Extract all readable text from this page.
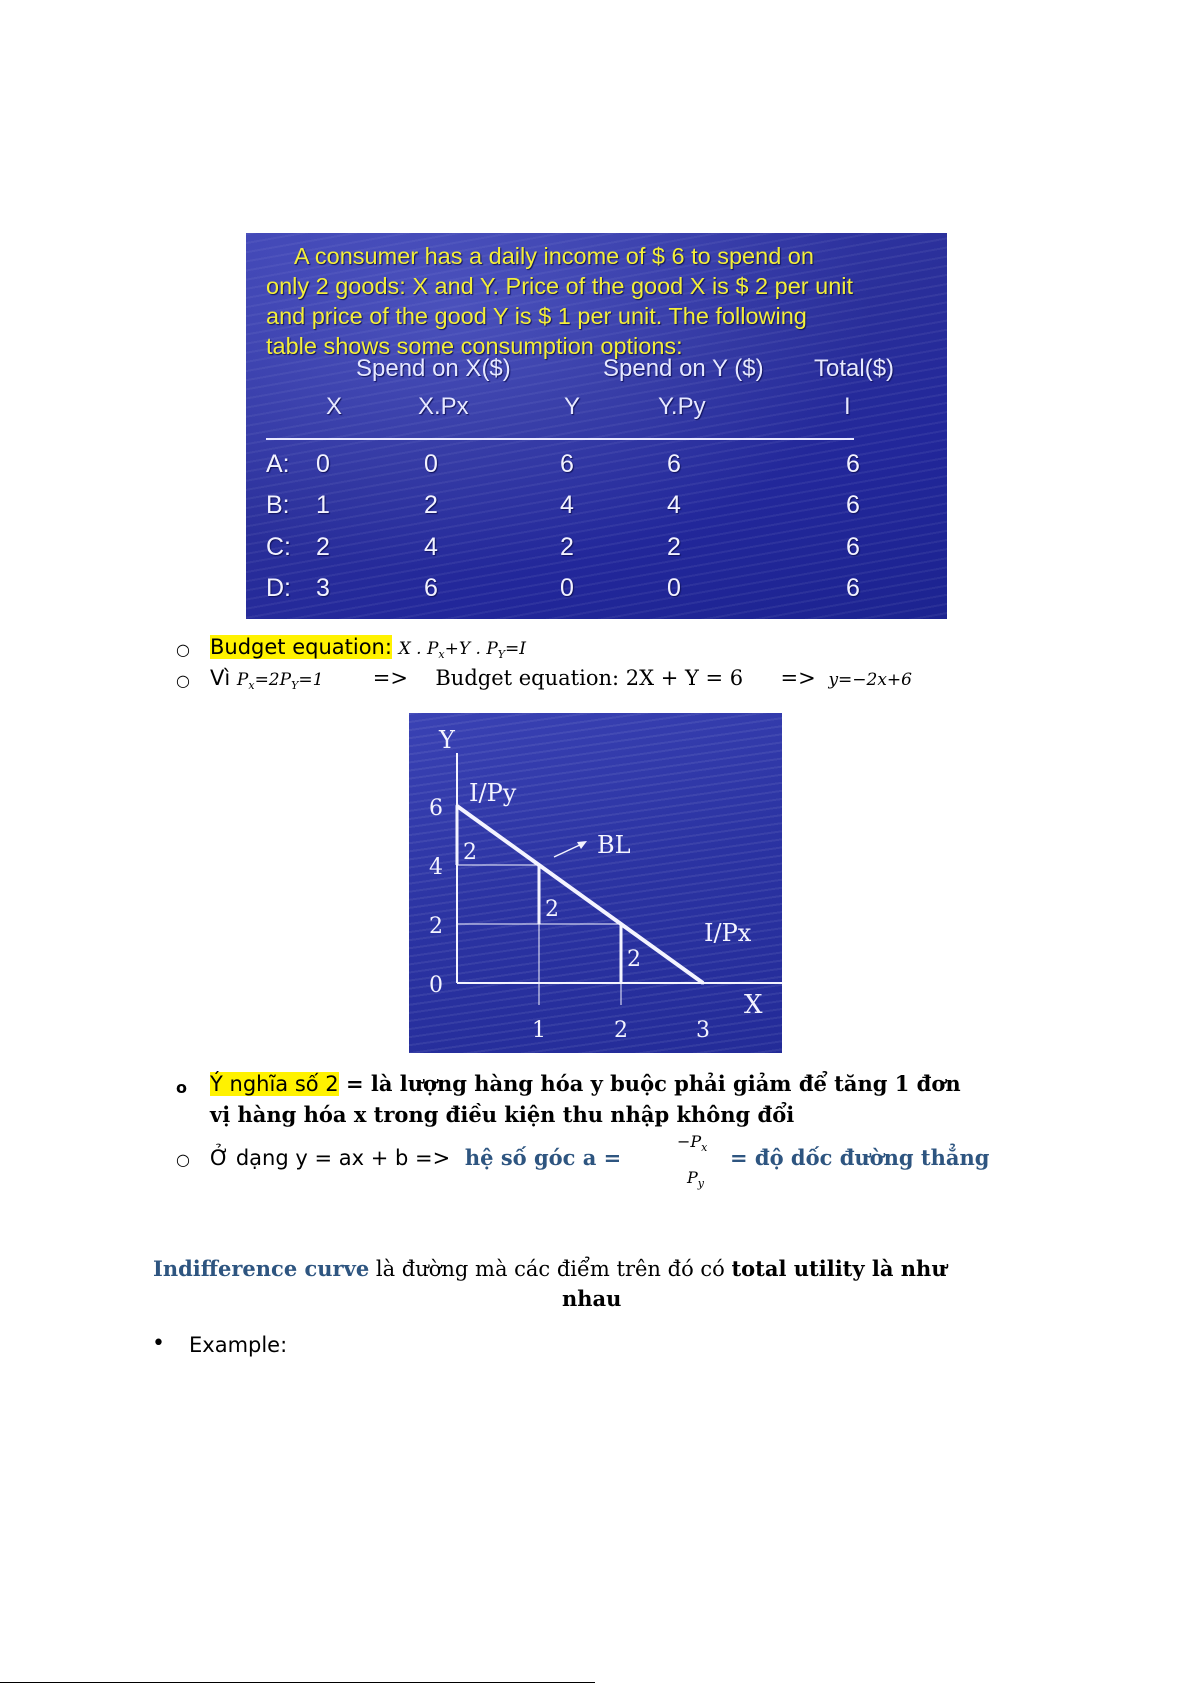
A consumer has a daily income of $ 6 to spend on
only 2 goods: X and Y. Price of the good X is $ 2 per unit
and price of the good Y is $ 1 per unit. The following
table shows some consumption options:

Spend on X($)	Spend on Y ($) Total($)
X	X.Px	Y	Y.Py	I
A: 0	0	6	6	6
B: 1	2	4	4	6
C: 2	4	2	2	6
D: 3	6	0	0	6
○ Budget equation: X . $P_x+Y$ . $P_Y=I$
○ Vì $P_x=2P_Y=1$ => Budget equation: 2X + Y = 6 => y=−2x+6
X
Y
6
4
2
0
1	2	3
I/Py
BL
I/Px
2
2
2
o Ý nghĩa số 2 = là lượng hàng hóa y buộc phải giảm để tăng 1 đơn
vị hàng hóa x trong điều kiện thu nhập không đổi
○ Ở dạng y = ax + b => hệ số góc a =
$-P_x$
$P_y$
= độ dốc đường thẳng
Indifference curve là đường mà các điểm trên đó có total utility là như
nhau
• Example:
